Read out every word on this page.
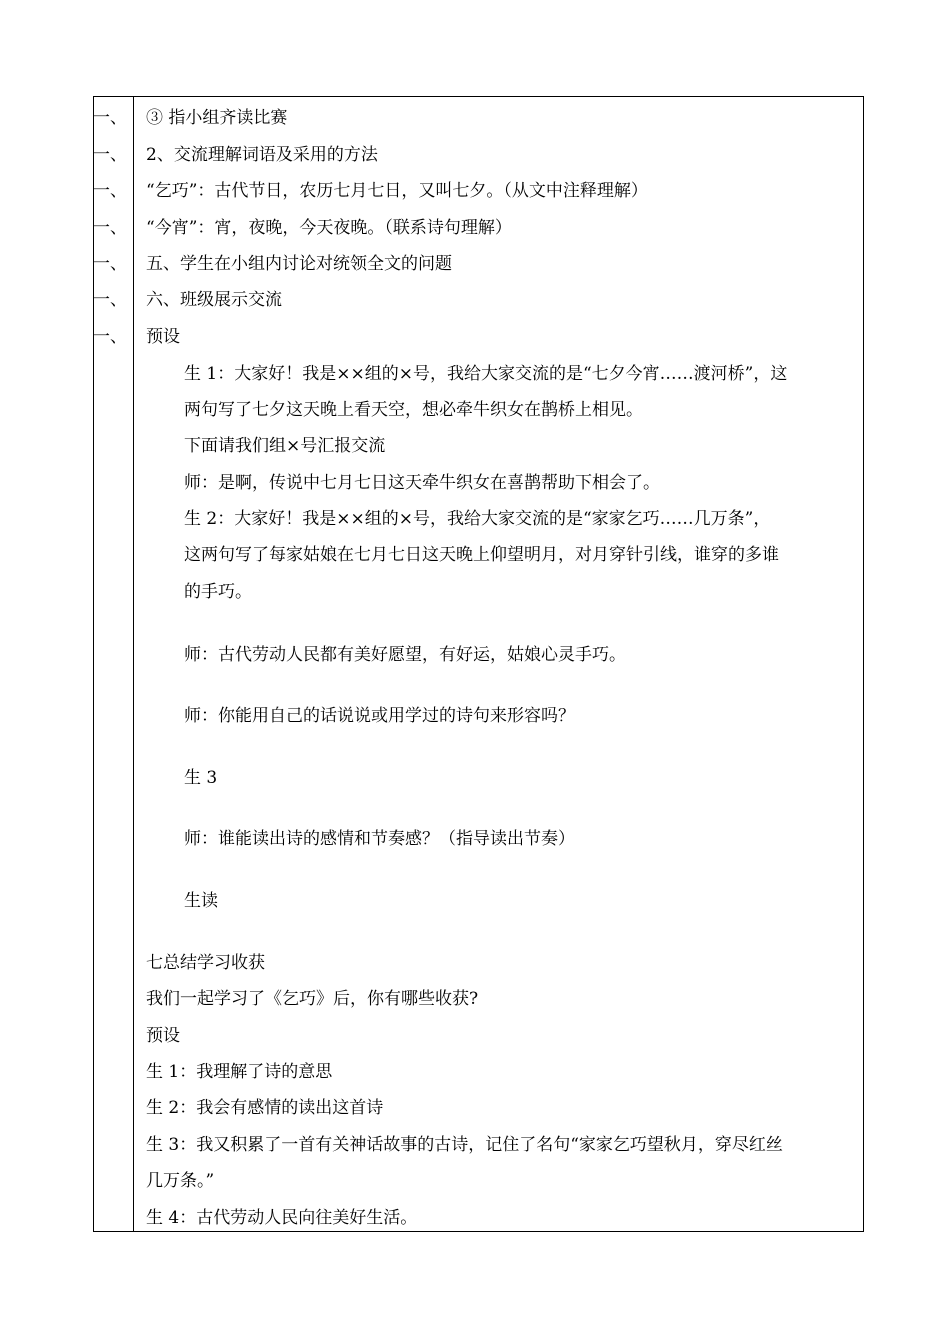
一、
一、
一、
一、
一、
一、
一、
③ 指小组齐读比赛
2、交流理解词语及采用的方法
“乞巧”：古代节日，农历七月七日，又叫七夕。（从文中注释理解）
“今宵”：宵，夜晚，今天夜晚。（联系诗句理解）
五、学生在小组内讨论对统领全文的问题
六、班级展示交流
预设
生 1：大家好！我是××组的×号，我给大家交流的是“七夕今宵……渡河桥”，这
两句写了七夕这天晚上看天空，想必牵牛织女在鹊桥上相见。
下面请我们组×号汇报交流
师：是啊，传说中七月七日这天牵牛织女在喜鹊帮助下相会了。
生 2：大家好！我是××组的×号，我给大家交流的是“家家乞巧……几万条”，
这两句写了每家姑娘在七月七日这天晚上仰望明月，对月穿针引线，谁穿的多谁
的手巧。
师：古代劳动人民都有美好愿望，有好运，姑娘心灵手巧。
师：你能用自己的话说说或用学过的诗句来形容吗？
生 3
师：谁能读出诗的感情和节奏感？（指导读出节奏）
生读
七总结学习收获
我们一起学习了《乞巧》后，你有哪些收获?
预设
生 1：我理解了诗的意思
生 2：我会有感情的读出这首诗
生 3：我又积累了一首有关神话故事的古诗，记住了名句“家家乞巧望秋月，穿尽红丝
几万条。”
生 4：古代劳动人民向往美好生活。
